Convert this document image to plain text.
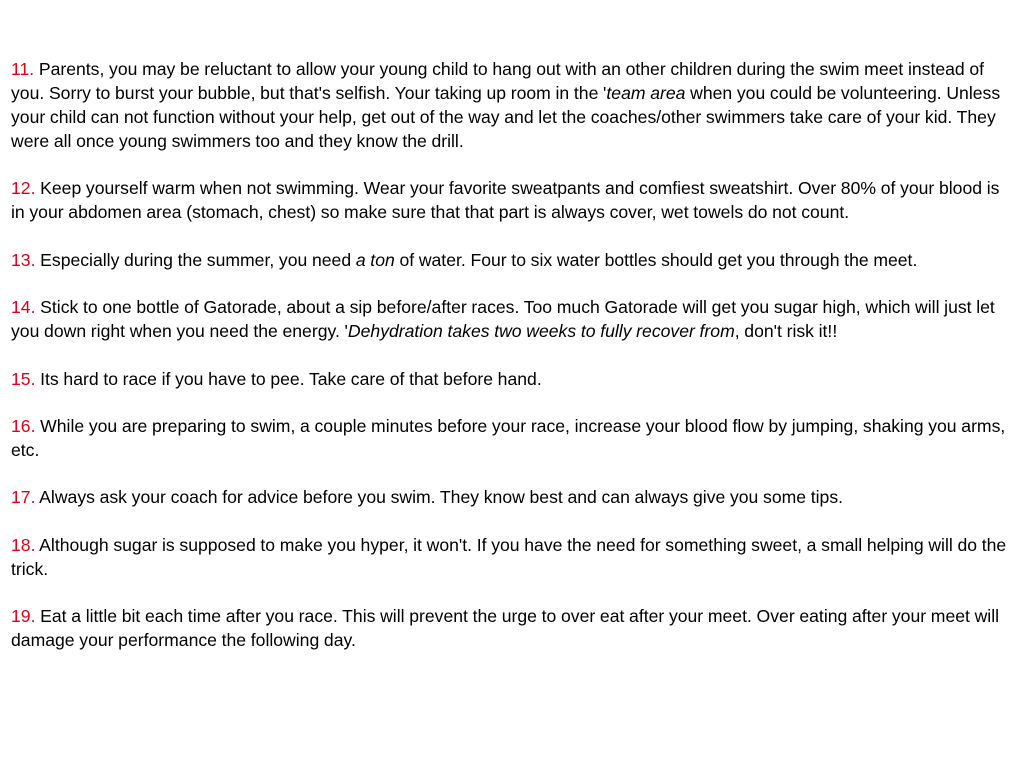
11. Parents, you may be reluctant to allow your young child to hang out with an other children during the swim meet instead of you. Sorry to burst your bubble, but that's selfish. Your taking up room in the 'team area when you could be volunteering. Unless your child can not function without your help, get out of the way and let the coaches/other swimmers take care of your kid. They were all once young swimmers too and they know the drill.

12. Keep yourself warm when not swimming. Wear your favorite sweatpants and comfiest sweatshirt. Over 80% of your blood is in your abdomen area (stomach, chest) so make sure that that part is always cover, wet towels do not count.

13. Especially during the summer, you need a ton of water. Four to six water bottles should get you through the meet.

14. Stick to one bottle of Gatorade, about a sip before/after races. Too much Gatorade will get you sugar high, which will just let you down right when you need the energy. 'Dehydration takes two weeks to fully recover from, don't risk it!!

15. Its hard to race if you have to pee. Take care of that before hand.

16. While you are preparing to swim, a couple minutes before your race, increase your blood flow by jumping, shaking you arms, etc.

17. Always ask your coach for advice before you swim. They know best and can always give you some tips.

18. Although sugar is supposed to make you hyper, it won't. If you have the need for something sweet, a small helping will do the trick.

19. Eat a little bit each time after you race. This will prevent the urge to over eat after your meet. Over eating after your meet will damage your performance the following day.
